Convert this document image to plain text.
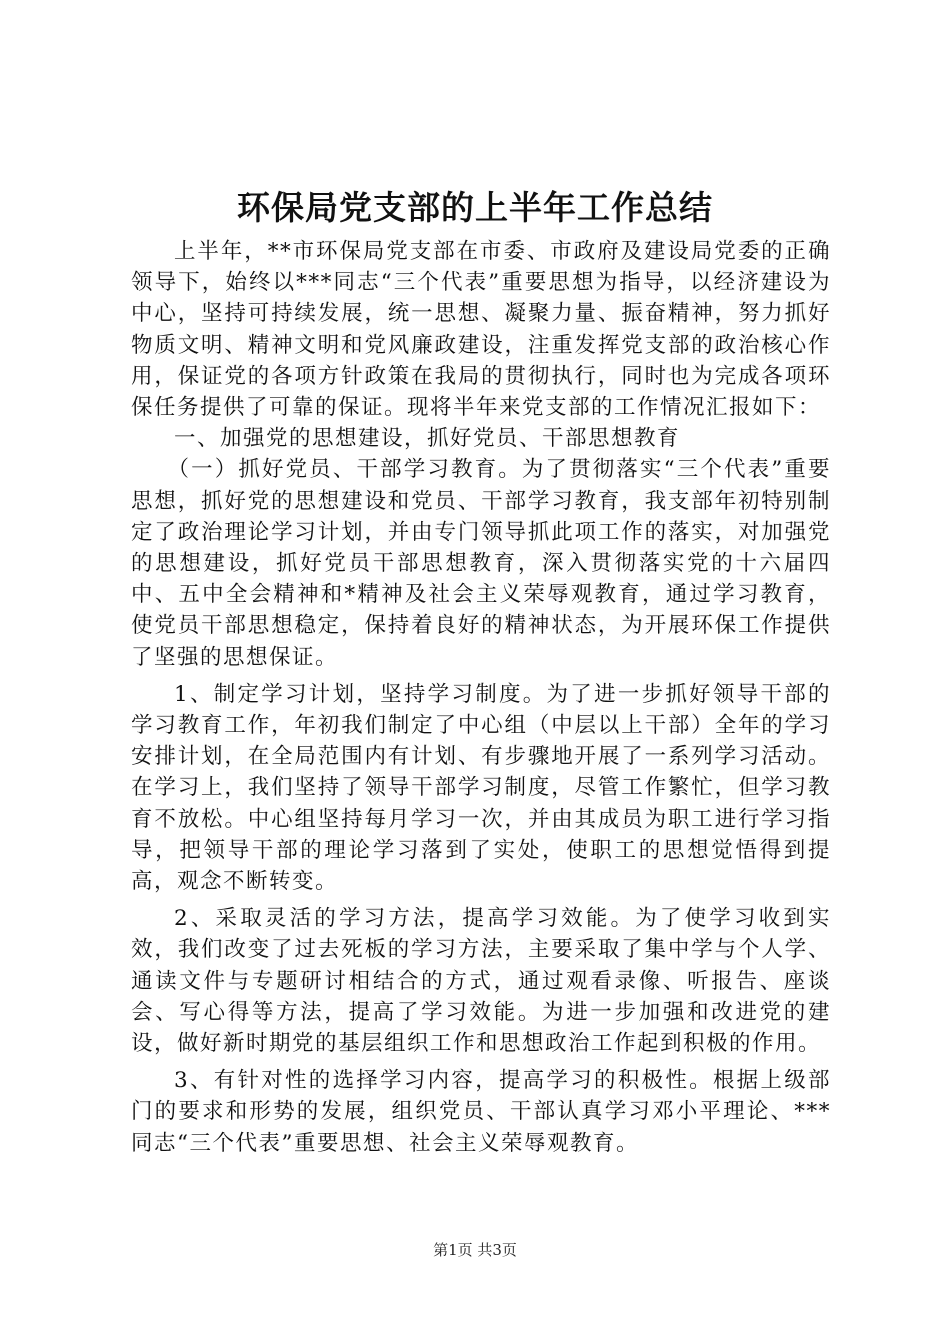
环保局党支部的上半年工作总结

上半年，**市环保局党支部在市委、市政府及建设局党委的正确领导下，始终以***同志“三个代表”重要思想为指导，以经济建设为中心，坚持可持续发展，统一思想、凝聚力量、振奋精神，努力抓好物质文明、精神文明和党风廉政建设，注重发挥党支部的政治核心作用，保证党的各项方针政策在我局的贯彻执行，同时也为完成各项环保任务提供了可靠的保证。现将半年来党支部的工作情况汇报如下：

一、加强党的思想建设，抓好党员、干部思想教育

（一）抓好党员、干部学习教育。为了贯彻落实“三个代表”重要思想，抓好党的思想建设和党员、干部学习教育，我支部年初特别制定了政治理论学习计划，并由专门领导抓此项工作的落实，对加强党的思想建设，抓好党员干部思想教育，深入贯彻落实党的十六届四中、五中全会精神和*精神及社会主义荣辱观教育，通过学习教育，使党员干部思想稳定，保持着良好的精神状态，为开展环保工作提供了坚强的思想保证。

1、制定学习计划，坚持学习制度。为了进一步抓好领导干部的学习教育工作，年初我们制定了中心组（中层以上干部）全年的学习安排计划，在全局范围内有计划、有步骤地开展了一系列学习活动。在学习上，我们坚持了领导干部学习制度，尽管工作繁忙，但学习教育不放松。中心组坚持每月学习一次，并由其成员为职工进行学习指导，把领导干部的理论学习落到了实处，使职工的思想觉悟得到提高，观念不断转变。

2、采取灵活的学习方法，提高学习效能。为了使学习收到实效，我们改变了过去死板的学习方法，主要采取了集中学与个人学、通读文件与专题研讨相结合的方式，通过观看录像、听报告、座谈会、写心得等方法，提高了学习效能。为进一步加强和改进党的建设，做好新时期党的基层组织工作和思想政治工作起到积极的作用。

3、有针对性的选择学习内容，提高学习的积极性。根据上级部门的要求和形势的发展，组织党员、干部认真学习邓小平理论、***同志“三个代表”重要思想、社会主义荣辱观教育。

第1页 共3页
